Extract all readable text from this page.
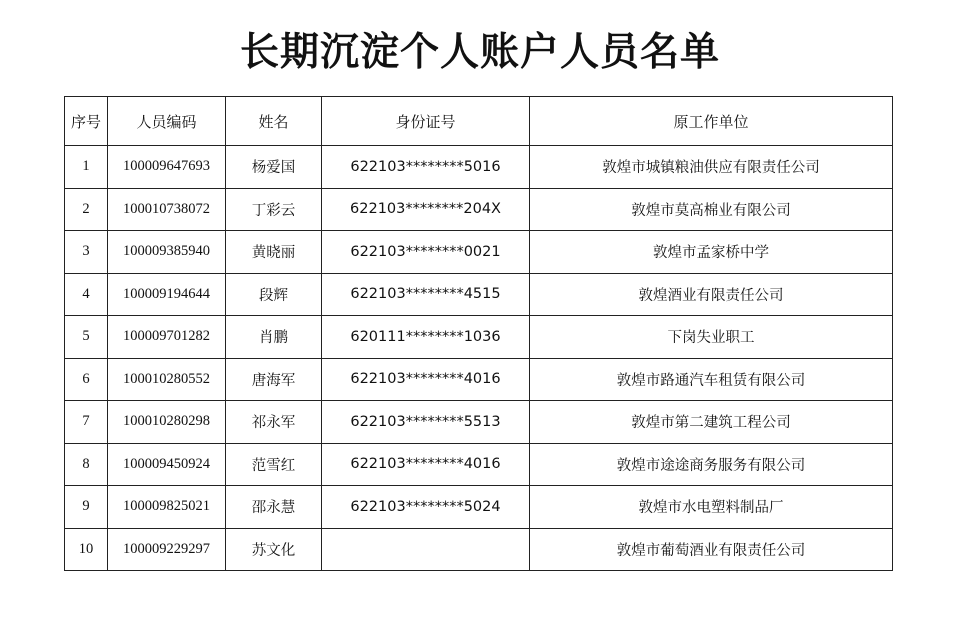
长期沉淀个人账户人员名单
序号	人员编码	姓名	身份证号	原工作单位
1	100009647693	杨爱国	622103********5016	敦煌市城镇粮油供应有限责任公司
2	100010738072	丁彩云	622103********204X	敦煌市莫高棉业有限公司
3	100009385940	黄晓丽	622103********0021	敦煌市孟家桥中学
4	100009194644	段辉	622103********4515	敦煌酒业有限责任公司
5	100009701282	肖鹏	620111********1036	下岗失业职工
6	100010280552	唐海军	622103********4016	敦煌市路通汽车租赁有限公司
7	100010280298	祁永军	622103********5513	敦煌市第二建筑工程公司
8	100009450924	范雪红	622103********4016	敦煌市途途商务服务有限公司
9	100009825021	邵永慧	622103********5024	敦煌市水电塑料制品厂
10	100009229297	苏文化		敦煌市葡萄酒业有限责任公司
